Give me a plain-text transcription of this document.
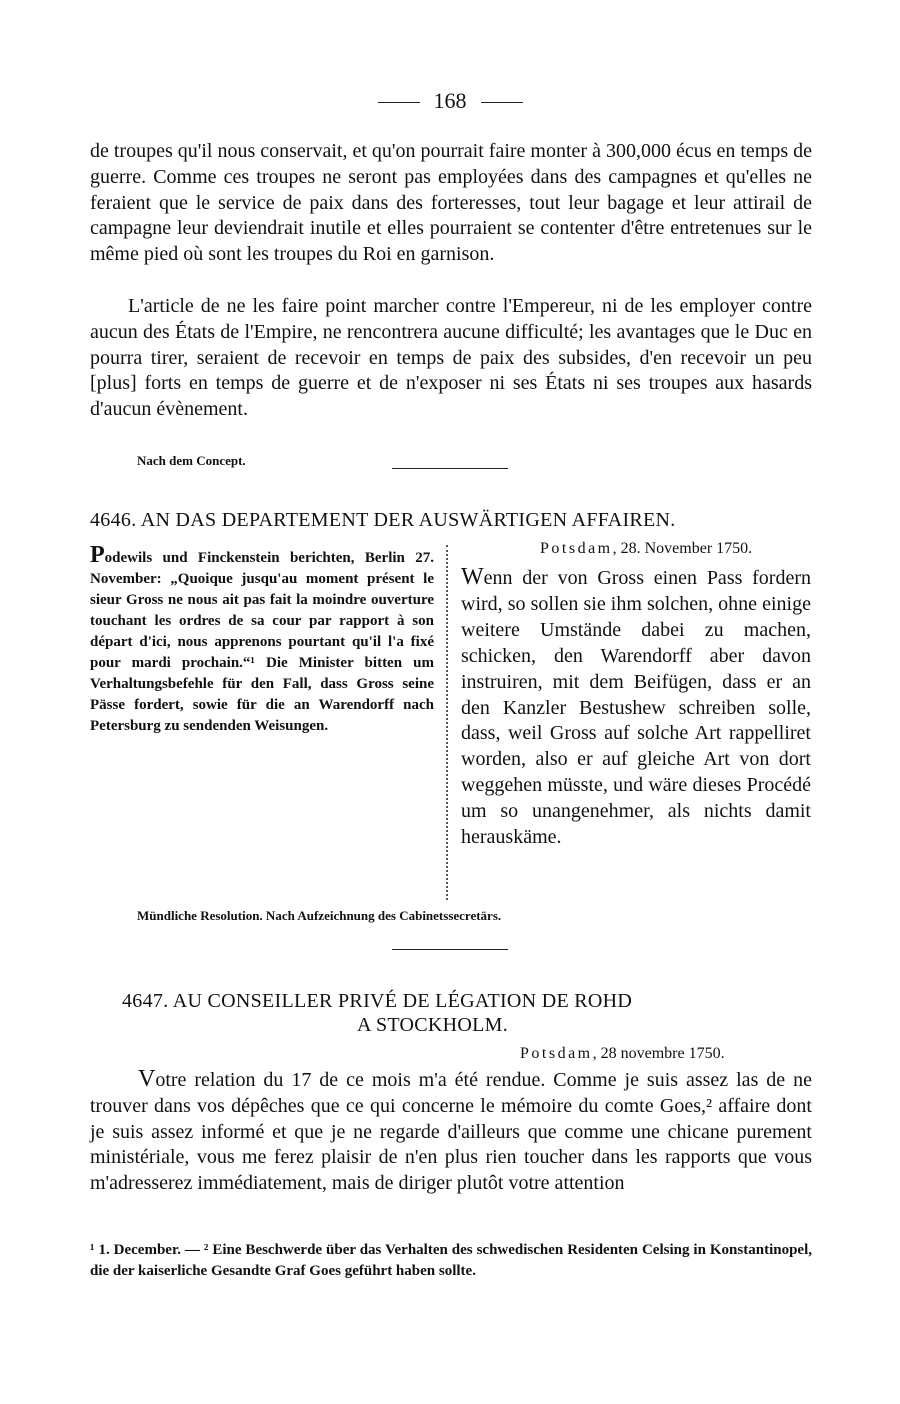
168

de troupes qu'il nous conservait, et qu'on pourrait faire monter à 300,000 écus en temps de guerre. Comme ces troupes ne seront pas employées dans des campagnes et qu'elles ne feraient que le service de paix dans des forteresses, tout leur bagage et leur attirail de campagne leur deviendrait inutile et elles pourraient se contenter d'être entretenues sur le même pied où sont les troupes du Roi en garnison.

L'article de ne les faire point marcher contre l'Empereur, ni de les employer contre aucun des États de l'Empire, ne rencontrera aucune difficulté; les avantages que le Duc en pourra tirer, seraient de recevoir en temps de paix des subsides, d'en recevoir un peu [plus] forts en temps de guerre et de n'exposer ni ses États ni ses troupes aux hasards d'aucun évènement.

Nach dem Concept.
4646. AN DAS DEPARTEMENT DER AUSWÄRTIGEN AFFAIREN.

Podewils und Finckenstein berichten, Berlin 27. November: „Quoique jusqu'au moment présent le sieur Gross ne nous ait pas fait la moindre ouverture touchant les ordres de sa cour par rapport à son départ d'ici, nous apprenons pourtant qu'il l'a fixé pour mardi prochain.“¹ Die Minister bitten um Verhaltungsbefehle für den Fall, dass Gross seine Pässe fordert, sowie für die an Warendorff nach Petersburg zu sendenden Weisungen.

Potsdam, 28. November 1750.

Wenn der von Gross einen Pass fordern wird, so sollen sie ihm solchen, ohne einige weitere Umstände dabei zu machen, schicken, den Warendorff aber davon instruiren, mit dem Beifügen, dass er an den Kanzler Bestushew schreiben solle, dass, weil Gross auf solche Art rappelliret worden, also er auf gleiche Art von dort weggehen müsste, und wäre dieses Procédé um so unangenehmer, als nichts damit herauskäme.

Mündliche Resolution. Nach Aufzeichnung des Cabinetssecretärs.
4647. AU CONSEILLER PRIVÉ DE LÉGATION DE ROHD
A STOCKHOLM.
Potsdam, 28 novembre 1750.

Votre relation du 17 de ce mois m'a été rendue. Comme je suis assez las de ne trouver dans vos dépêches que ce qui concerne le mémoire du comte Goes,² affaire dont je suis assez informé et que je ne regarde d'ailleurs que comme une chicane purement ministériale, vous me ferez plaisir de n'en plus rien toucher dans les rapports que vous m'adresserez immédiatement, mais de diriger plutôt votre attention

¹ 1. December. — ² Eine Beschwerde über das Verhalten des schwedischen Residenten Celsing in Konstantinopel, die der kaiserliche Gesandte Graf Goes geführt haben sollte.
